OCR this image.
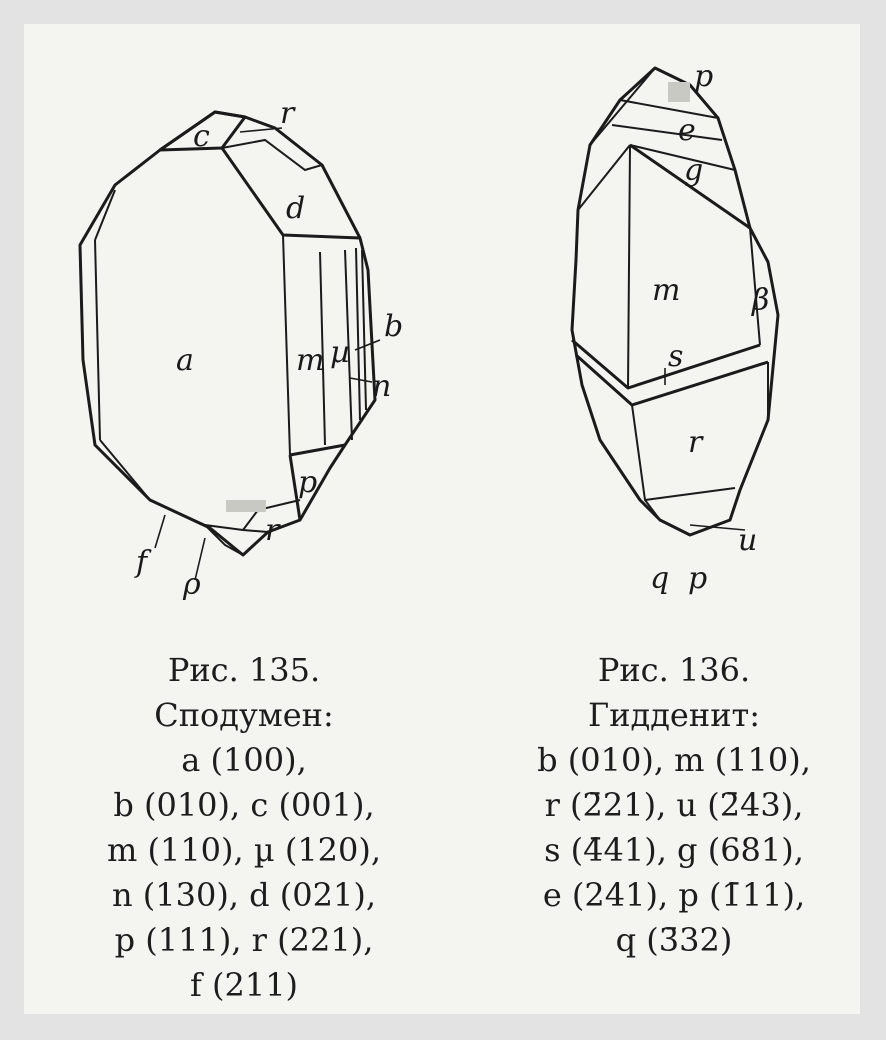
c
r
d
a	m µ
b
n
p
r
f
ρ
p
e
g
m β
s
r
u
q p
Рис. 135.
Сподумен:
a (100),
b (010), c (001),
m (110), µ (120),
n (130), d (021),
p (111), r (221),
f (211)
Рис. 136.
Гидденит:
b (010), m (110),
r (2̄21), u (2̄43),
s (4̄41), g (681),
e (241), p (1̄11),
q (3̄32)
